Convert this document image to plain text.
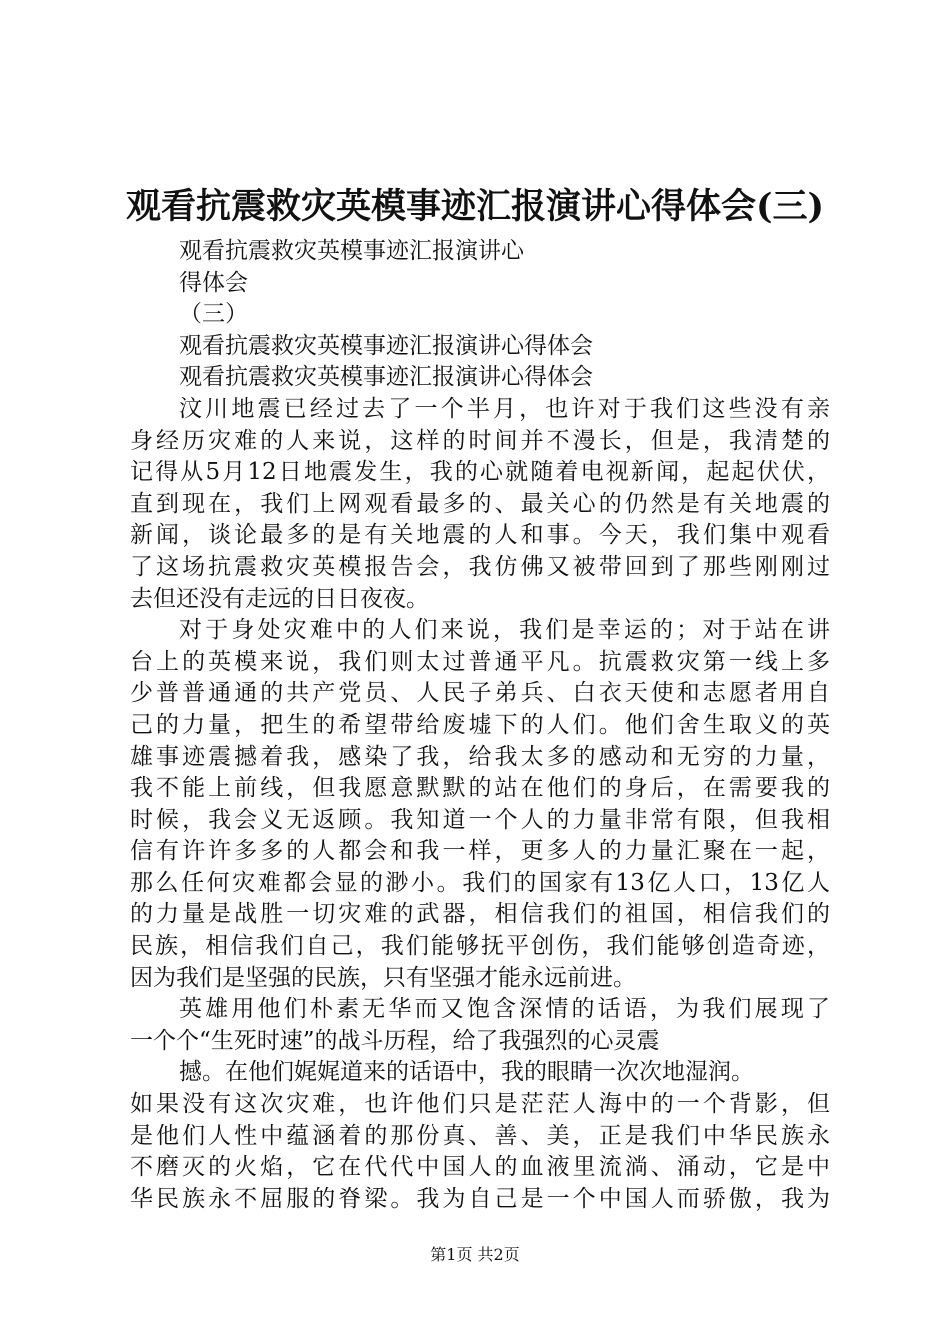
观看抗震救灾英模事迹汇报演讲心得体会(三)
观看抗震救灾英模事迹汇报演讲心
得体会
（三）
观看抗震救灾英模事迹汇报演讲心得体会
观看抗震救灾英模事迹汇报演讲心得体会
汶川地震已经过去了一个半月，也许对于我们这些没有亲
身经历灾难的人来说，这样的时间并不漫长，但是，我清楚的
记得从5月12日地震发生，我的心就随着电视新闻，起起伏伏，
直到现在，我们上网观看最多的、最关心的仍然是有关地震的
新闻，谈论最多的是有关地震的人和事。今天，我们集中观看
了这场抗震救灾英模报告会，我仿佛又被带回到了那些刚刚过
去但还没有走远的日日夜夜。
对于身处灾难中的人们来说，我们是幸运的；对于站在讲
台上的英模来说，我们则太过普通平凡。抗震救灾第一线上多
少普普通通的共产党员、人民子弟兵、白衣天使和志愿者用自
己的力量，把生的希望带给废墟下的人们。他们舍生取义的英
雄事迹震撼着我，感染了我，给我太多的感动和无穷的力量，
我不能上前线，但我愿意默默的站在他们的身后，在需要我的
时候，我会义无返顾。我知道一个人的力量非常有限，但我相
信有许许多多的人都会和我一样，更多人的力量汇聚在一起，
那么任何灾难都会显的渺小。我们的国家有13亿人口，13亿人
的力量是战胜一切灾难的武器，相信我们的祖国，相信我们的
民族，相信我们自己，我们能够抚平创伤，我们能够创造奇迹，
因为我们是坚强的民族，只有坚强才能永远前进。
英雄用他们朴素无华而又饱含深情的话语，为我们展现了
一个个“生死时速”的战斗历程，给了我强烈的心灵震
撼。在他们娓娓道来的话语中，我的眼睛一次次地湿润。
如果没有这次灾难，也许他们只是茫茫人海中的一个背影，但
是他们人性中蕴涵着的那份真、善、美，正是我们中华民族永
不磨灭的火焰，它在代代中国人的血液里流淌、涌动，它是中
华民族永不屈服的脊梁。我为自己是一个中国人而骄傲，我为
第1页 共2页
